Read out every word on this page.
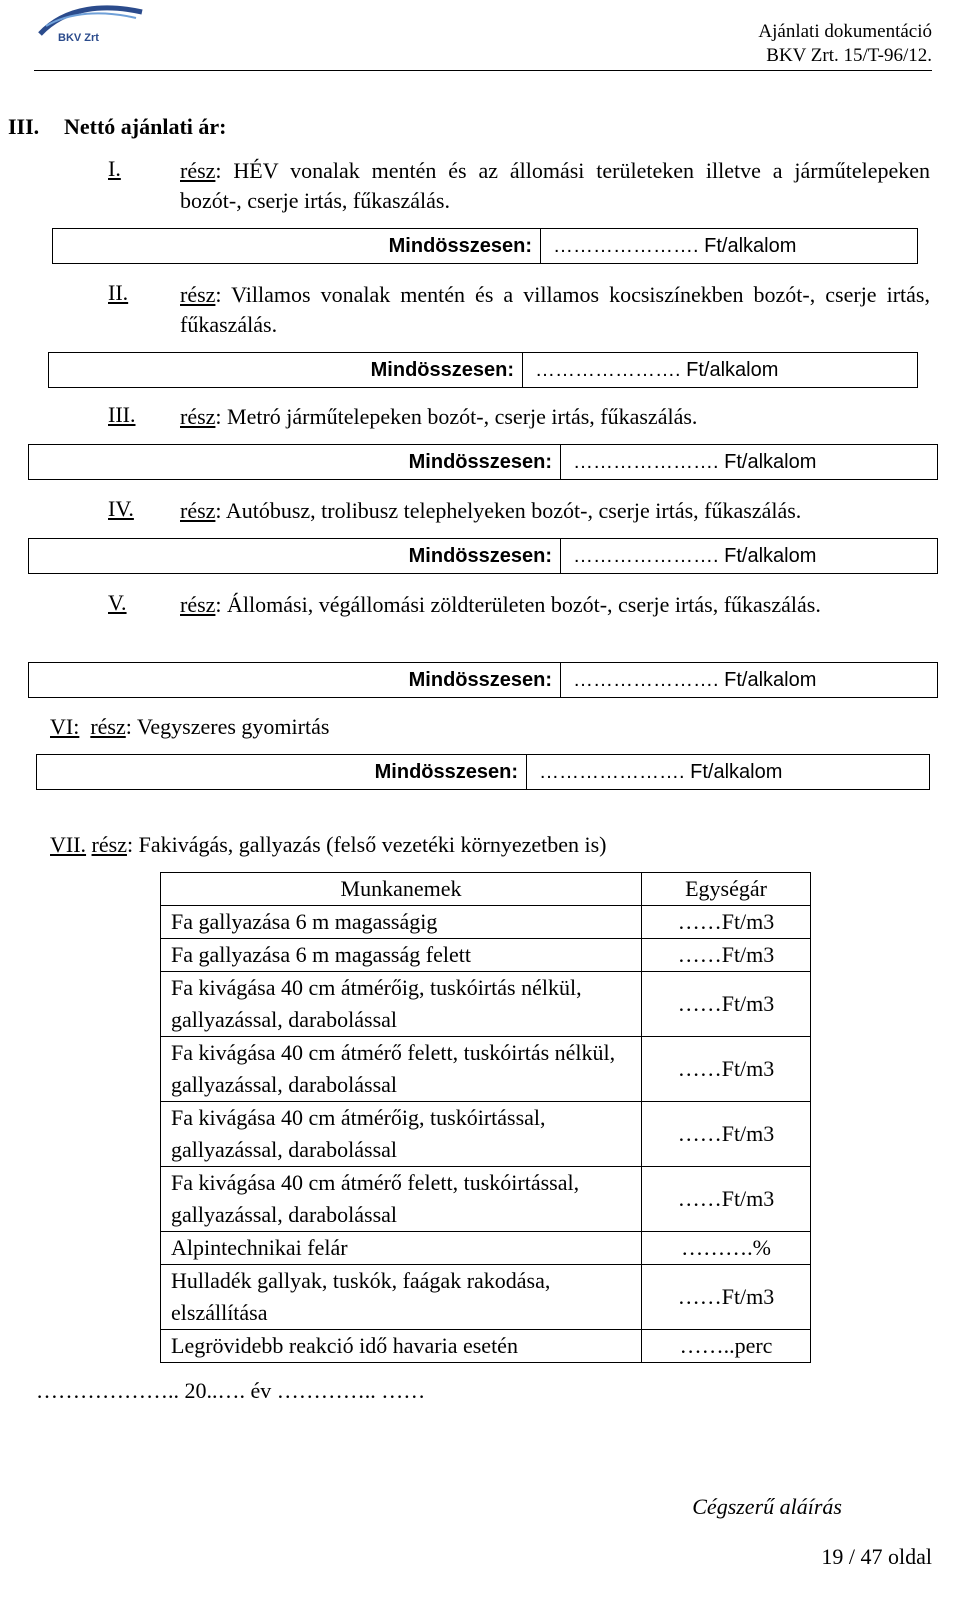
BKV Zrt	Ajánlati dokumentáció
BKV Zrt. 15/T-96/12.
III. Nettó ajánlati ár:
I.	rész: HÉV vonalak mentén és az állomási területeken illetve a járműtelepeken bozót-, cserje irtás, fűkaszálás.
Mindösszesen:	…………………. Ft/alkalom
II. rész: Villamos vonalak mentén és a villamos kocsiszínekben bozót-, cserje irtás, fűkaszálás.
Mindösszesen:	…………………. Ft/alkalom
III. rész: Metró járműtelepeken bozót-, cserje irtás, fűkaszálás.
Mindösszesen:	…………………. Ft/alkalom
IV. rész: Autóbusz, trolibusz telephelyeken bozót-, cserje irtás, fűkaszálás.
Mindösszesen:	…………………. Ft/alkalom
V. rész: Állomási, végállomási zöldterületen bozót-, cserje irtás, fűkaszálás.
Mindösszesen:	…………………. Ft/alkalom
VI: rész: Vegyszeres gyomirtás
Mindösszesen:	…………………. Ft/alkalom
VII. rész: Fakivágás, gallyazás (felső vezetéki környezetben is)
Munkanemek	Egységár
Fa gallyazása 6 m magasságig	……Ft/m3
Fa gallyazása 6 m magasság felett	……Ft/m3
Fa kivágása 40 cm átmérőig, tuskóirtás nélkül, gallyazással, darabolással	……Ft/m3
Fa kivágása 40 cm átmérő felett, tuskóirtás nélkül, gallyazással, darabolással	……Ft/m3
Fa kivágása 40 cm átmérőig, tuskóirtással, gallyazással, darabolással	……Ft/m3
Fa kivágása 40 cm átmérő felett, tuskóirtással, gallyazással, darabolással	……Ft/m3
Alpintechnikai felár	……….%
Hulladék gallyak, tuskók, faágak rakodása, elszállítása	……Ft/m3
Legrövidebb reakció idő havaria esetén	……..perc
……………….. 20..…. év ………….. ……
Cégszerű aláírás
19 / 47 oldal
